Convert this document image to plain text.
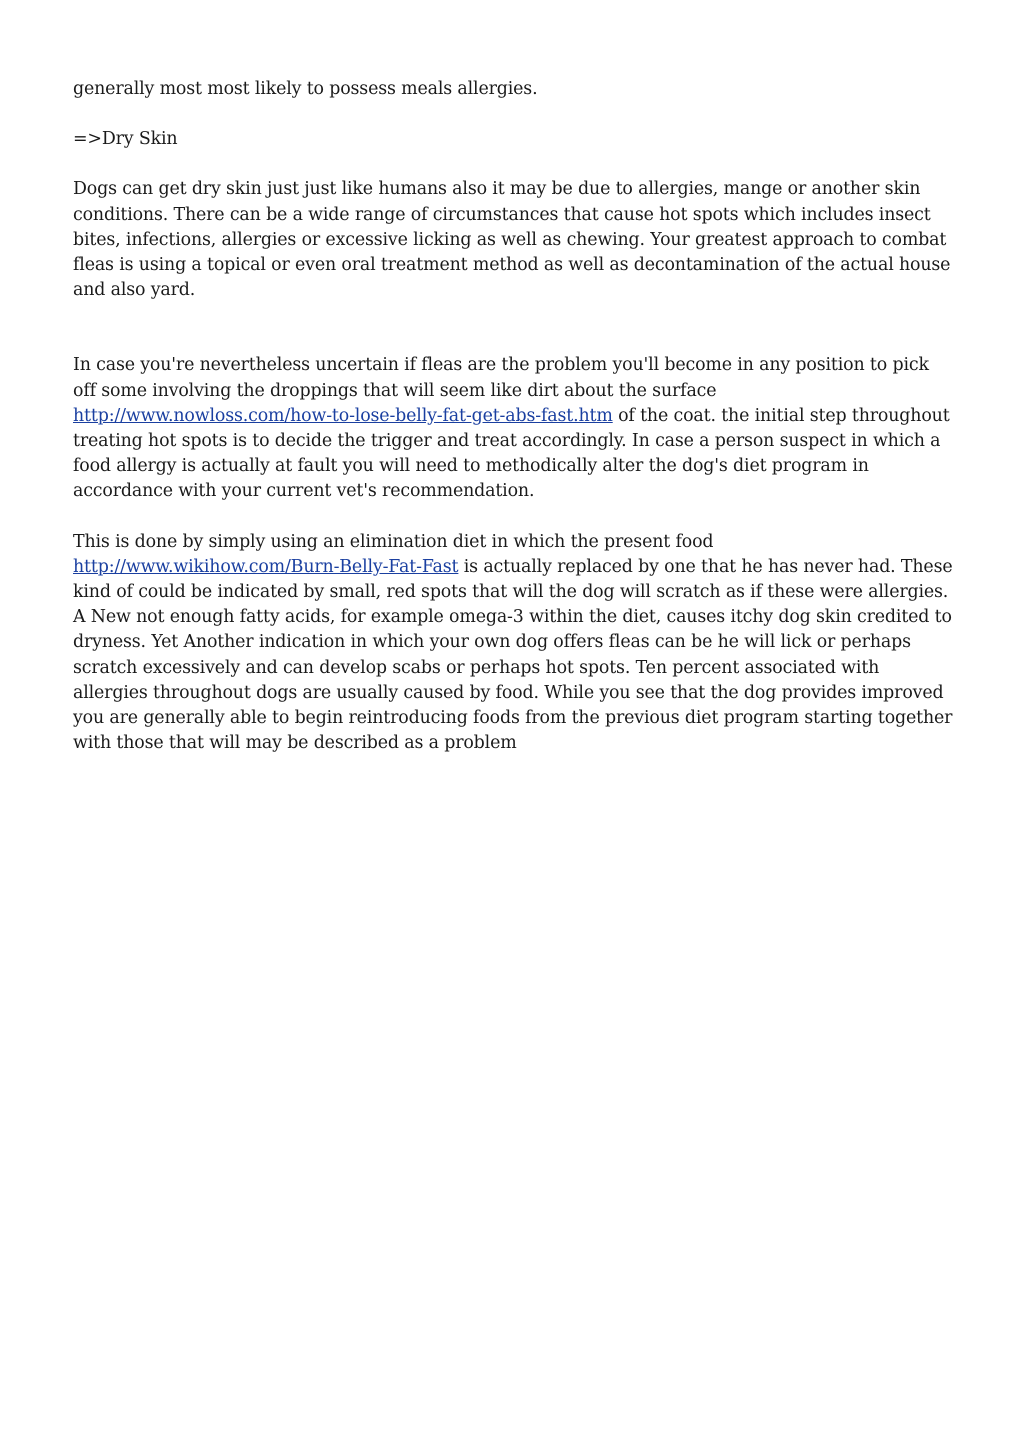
generally most most likely to possess meals allergies.

=>Dry Skin

Dogs can get dry skin just just like humans also it may be due to allergies, mange or another skin conditions. There can be a wide range of circumstances that cause hot spots which includes insect bites, infections, allergies or excessive licking as well as chewing. Your greatest approach to combat fleas is using a topical or even oral treatment method as well as decontamination of the actual house and also yard.

In case you're nevertheless uncertain if fleas are the problem you'll become in any position to pick off some involving the droppings that will seem like dirt about the surface http://www.nowloss.com/how-to-lose-belly-fat-get-abs-fast.htm of the coat. the initial step throughout treating hot spots is to decide the trigger and treat accordingly. In case a person suspect in which a food allergy is actually at fault you will need to methodically alter the dog's diet program in accordance with your current vet's recommendation.

This is done by simply using an elimination diet in which the present food http://www.wikihow.com/Burn-Belly-Fat-Fast is actually replaced by one that he has never had. These kind of could be indicated by small, red spots that will the dog will scratch as if these were allergies. A New not enough fatty acids, for example omega-3 within the diet, causes itchy dog skin credited to dryness. Yet Another indication in which your own dog offers fleas can be he will lick or perhaps scratch excessively and can develop scabs or perhaps hot spots. Ten percent associated with allergies throughout dogs are usually caused by food. While you see that the dog provides improved you are generally able to begin reintroducing foods from the previous diet program starting together with those that will may be described as a problem
